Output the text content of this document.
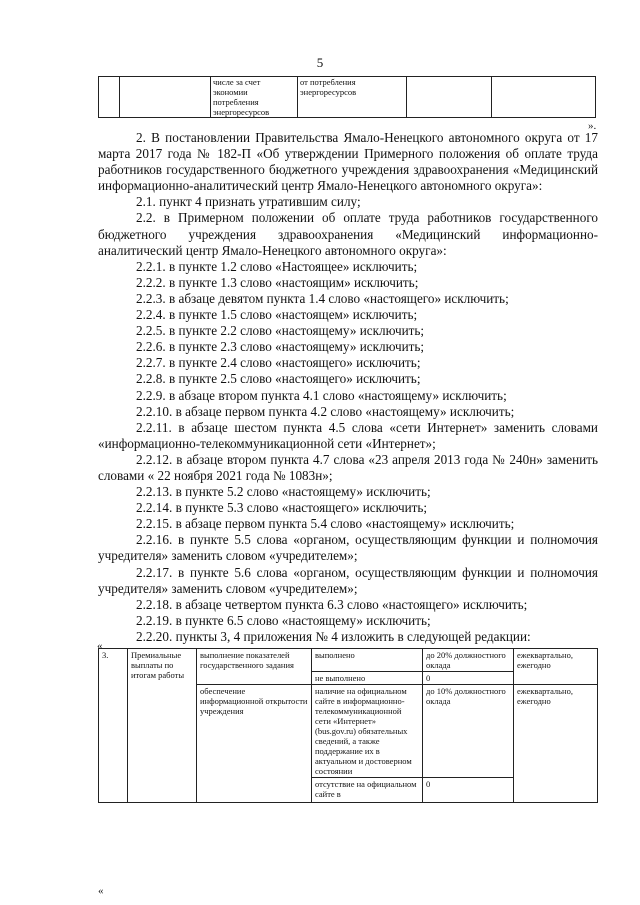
5
		числе за счет экономии потребления энергоресурсов	от потребления энергоресурсов		
».

2. В постановлении Правительства Ямало-Ненецкого автономного округа от 17 марта 2017 года № 182-П «Об утверждении Примерного положения об оплате труда работников государственного бюджетного учреждения здравоохранения «Медицинский информационно-аналитический центр Ямало-Ненецкого автономного округа»:

2.1. пункт 4 признать утратившим силу;

2.2. в Примерном положении об оплате труда работников государственного бюджетного учреждения здравоохранения «Медицинский информационно-аналитический центр Ямало-Ненецкого автономного округа»:

2.2.1. в пункте 1.2 слово «Настоящее» исключить;

2.2.2. в пункте 1.3 слово «настоящим» исключить;

2.2.3. в абзаце девятом пункта 1.4 слово «настоящего» исключить;

2.2.4. в пункте 1.5 слово «настоящем» исключить;

2.2.5. в пункте 2.2 слово «настоящему» исключить;

2.2.6. в пункте 2.3 слово «настоящему» исключить;

2.2.7. в пункте 2.4 слово «настоящего» исключить;

2.2.8. в пункте 2.5 слово «настоящего» исключить;

2.2.9. в абзаце втором пункта 4.1 слово «настоящему» исключить;

2.2.10. в абзаце первом пункта 4.2 слово «настоящему» исключить;

2.2.11. в абзаце шестом пункта 4.5 слова «сети Интернет» заменить словами «информационно-телекоммуникационной сети «Интернет»;

2.2.12. в абзаце втором пункта 4.7 слова «23 апреля 2013 года № 240н» заменить словами « 22 ноября 2021 года № 1083н»;

2.2.13. в пункте 5.2 слово «настоящему» исключить;

2.2.14. в пункте 5.3 слово «настоящего» исключить;

2.2.15. в абзаце первом пункта 5.4 слово «настоящему» исключить;

2.2.16. в пункте 5.5 слова «органом, осуществляющим функции и полномочия учредителя» заменить словом «учредителем»;

2.2.17. в пункте 5.6 слова «органом, осуществляющим функции и полномочия учредителя» заменить словом «учредителем»;

2.2.18. в абзаце четвертом пункта 6.3 слово «настоящего» исключить;

2.2.19. в пункте 6.5 слово «настоящему» исключить;

2.2.20. пункты 3, 4 приложения № 4 изложить в следующей редакции:

«
3.	Премиальные выплаты по итогам работы	выполнение показателей государственного задания	выполнено	до 20% должностного оклада	ежеквартально, ежегодно
			не выполнено	0	
		обеспечение информационной открытости учреждения	наличие на официальном сайте в информационно-телекоммуникационной сети «Интернет» (bus.gov.ru) обязательных сведений, а также поддержание их в актуальном и достоверном состоянии	до 10% должностного оклада	ежеквартально, ежегодно
			отсутствие на официальном сайте в	0	
«
